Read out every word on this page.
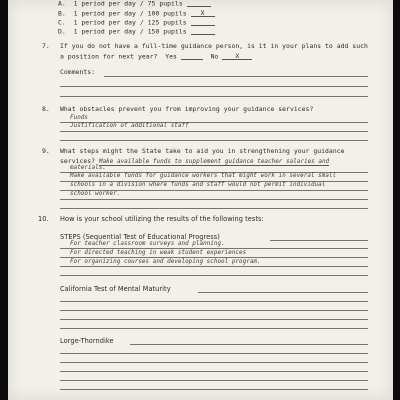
A. 1 period per day / 75 pupils
B. 1 period per day / 100 pupils X
C. 1 period per day / 125 pupils
D. 1 period per day / 150 pupils
7. If you do not have a full-time guidance person, is it in your plans to add such
a position for next year? Yes	No	X
Comments:
8. What obstacles prevent you from improving your guidance services?
Funds
Justification of additional staff
9. What steps might the State take to aid you in strengthening your guidance
services? Make available funds to supplement guidance teacher salaries and
materials.
Make available funds for guidance workers that might work in several small
schools in a division where funds and staff would not permit individual
school worker.
10. How is your school utilizing the results of the following tests:
STEPS (Sequential Test of Educational Progress)
For teacher classroom surveys and planning.
For directed teaching in weak student experiences
For organizing courses and developing school program.
California Test of Mental Maturity
Lorge-Thorndike
